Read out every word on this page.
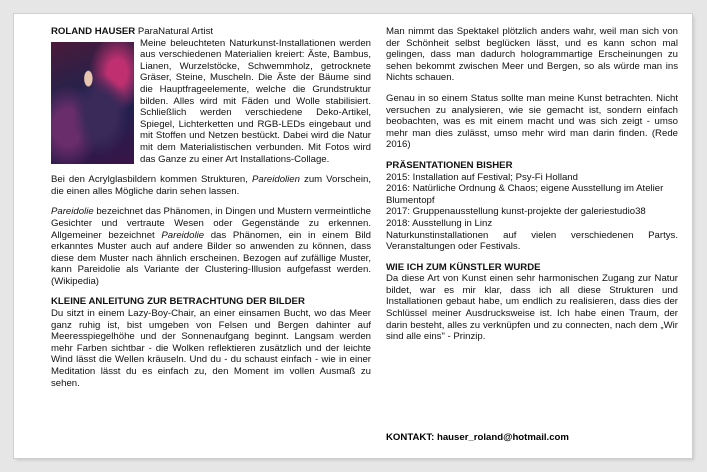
ROLAND HAUSER ParaNatural Artist

Meine beleuchteten Naturkunst-Installationen werden aus verschiedenen Materialien kreiert: Äste, Bambus, Lianen, Wurzelstöcke, Schwemmholz, getrocknete Gräser, Steine, Muscheln. Die Äste der Bäume sind die Hauptfrageelemente, welche die Grundstruktur bilden. Alles wird mit Fäden und Wolle stabilisiert. Schließlich werden verschiedene Deko-Artikel, Spiegel, Lichterketten und RGB-LEDs eingebaut und mit Stoffen und Netzen bestückt. Dabei wird die Natur mit dem Materialistischen verbunden. Mit Fotos wird das Ganze zu einer Art Installations-Collage.

Bei den Acrylglasbildern kommen Strukturen, Pareidolien zum Vorschein, die einen alles Mögliche darin sehen lassen.

Pareidolie bezeichnet das Phänomen, in Dingen und Mustern vermeintliche Gesichter und vertraute Wesen oder Gegenstände zu erkennen. Allgemeiner bezeichnet Pareidolie das Phänomen, ein in einem Bild erkanntes Muster auch auf andere Bilder so anwenden zu können, dass diese dem Muster nach ähnlich erscheinen. Bezogen auf zufällige Muster, kann Pareidolie als Variante der Clustering-Illusion aufgefasst werden. (Wikipedia)

KLEINE ANLEITUNG ZUR BETRACHTUNG DER BILDER

Du sitzt in einem Lazy-Boy-Chair, an einer einsamen Bucht, wo das Meer ganz ruhig ist, bist umgeben von Felsen und Bergen dahinter auf Meeresspiegelhöhe und der Sonnenaufgang beginnt. Langsam werden mehr Farben sichtbar - die Wolken reflektieren zusätzlich und der leichte Wind lässt die Wellen kräuseln. Und du - du schaust einfach - wie in einer Meditation lässt du es einfach zu, den Moment im vollen Ausmaß zu sehen.

Man nimmt das Spektakel plötzlich anders wahr, weil man sich von der Schönheit selbst beglücken lässt, und es kann schon mal gelingen, dass man dadurch hologrammartige Erscheinungen zu sehen bekommt zwischen Meer und Bergen, so als würde man ins Nichts schauen.

Genau in so einem Status sollte man meine Kunst betrachten. Nicht versuchen zu analysieren, wie sie gemacht ist, sondern einfach beobachten, was es mit einem macht und was sich zeigt - umso mehr man dies zulässt, umso mehr wird man darin finden. (Rede 2016)

PRÄSENTATIONEN BISHER

2015: Installation auf Festival; Psy-Fi Holland
2016: Natürliche Ordnung & Chaos; eigene Ausstellung im Atelier Blumentopf
2017: Gruppenausstellung kunst-projekte der galeriestudio38
2018: Ausstellung in Linz
Naturkunstinstallationen auf vielen verschiedenen Partys. Veranstaltungen oder Festivals.

WIE ICH ZUM KÜNSTLER WURDE

Da diese Art von Kunst einen sehr harmonischen Zugang zur Natur bildet, war es mir klar, dass ich all diese Strukturen und Installationen gebaut habe, um endlich zu realisieren, dass dies der Schlüssel meiner Ausdrucksweise ist. Ich habe einen Traum, der darin besteht, alles zu verknüpfen und zu connecten, nach dem „Wir sind alle eins" - Prinzip.

KONTAKT: hauser_roland@hotmail.com
